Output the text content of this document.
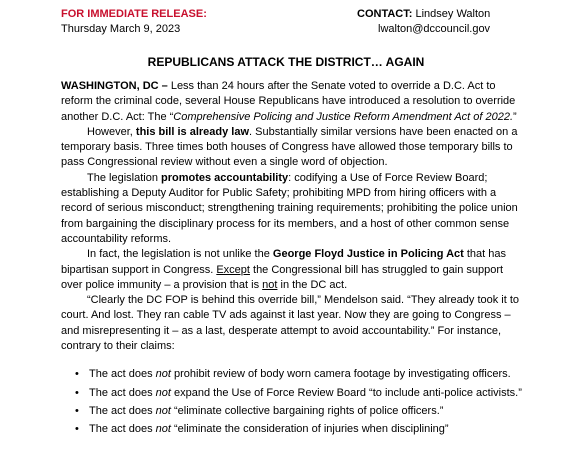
FOR IMMEDIATE RELEASE:
Thursday March 9, 2023
CONTACT: Lindsey Walton
lwalton@dccouncil.gov
REPUBLICANS ATTACK THE DISTRICT… AGAIN

WASHINGTON, DC – Less than 24 hours after the Senate voted to override a D.C. Act to reform the criminal code, several House Republicans have introduced a resolution to override another D.C. Act: The “Comprehensive Policing and Justice Reform Amendment Act of 2022.”

However, this bill is already law. Substantially similar versions have been enacted on a temporary basis. Three times both houses of Congress have allowed those temporary bills to pass Congressional review without even a single word of objection.

The legislation promotes accountability: codifying a Use of Force Review Board; establishing a Deputy Auditor for Public Safety; prohibiting MPD from hiring officers with a record of serious misconduct; strengthening training requirements; prohibiting the police union from bargaining the disciplinary process for its members, and a host of other common sense accountability reforms.

In fact, the legislation is not unlike the George Floyd Justice in Policing Act that has bipartisan support in Congress. Except the Congressional bill has struggled to gain support over police immunity – a provision that is not in the DC act.

“Clearly the DC FOP is behind this override bill,” Mendelson said. “They already took it to court. And lost. They ran cable TV ads against it last year. Now they are going to Congress – and misrepresenting it – as a last, desperate attempt to avoid accountability.” For instance, contrary to their claims:

• The act does not prohibit review of body worn camera footage by investigating officers.
• The act does not expand the Use of Force Review Board “to include anti-police activists.”
• The act does not “eliminate collective bargaining rights of police officers.”
• The act does not “eliminate the consideration of injuries when disciplining”
